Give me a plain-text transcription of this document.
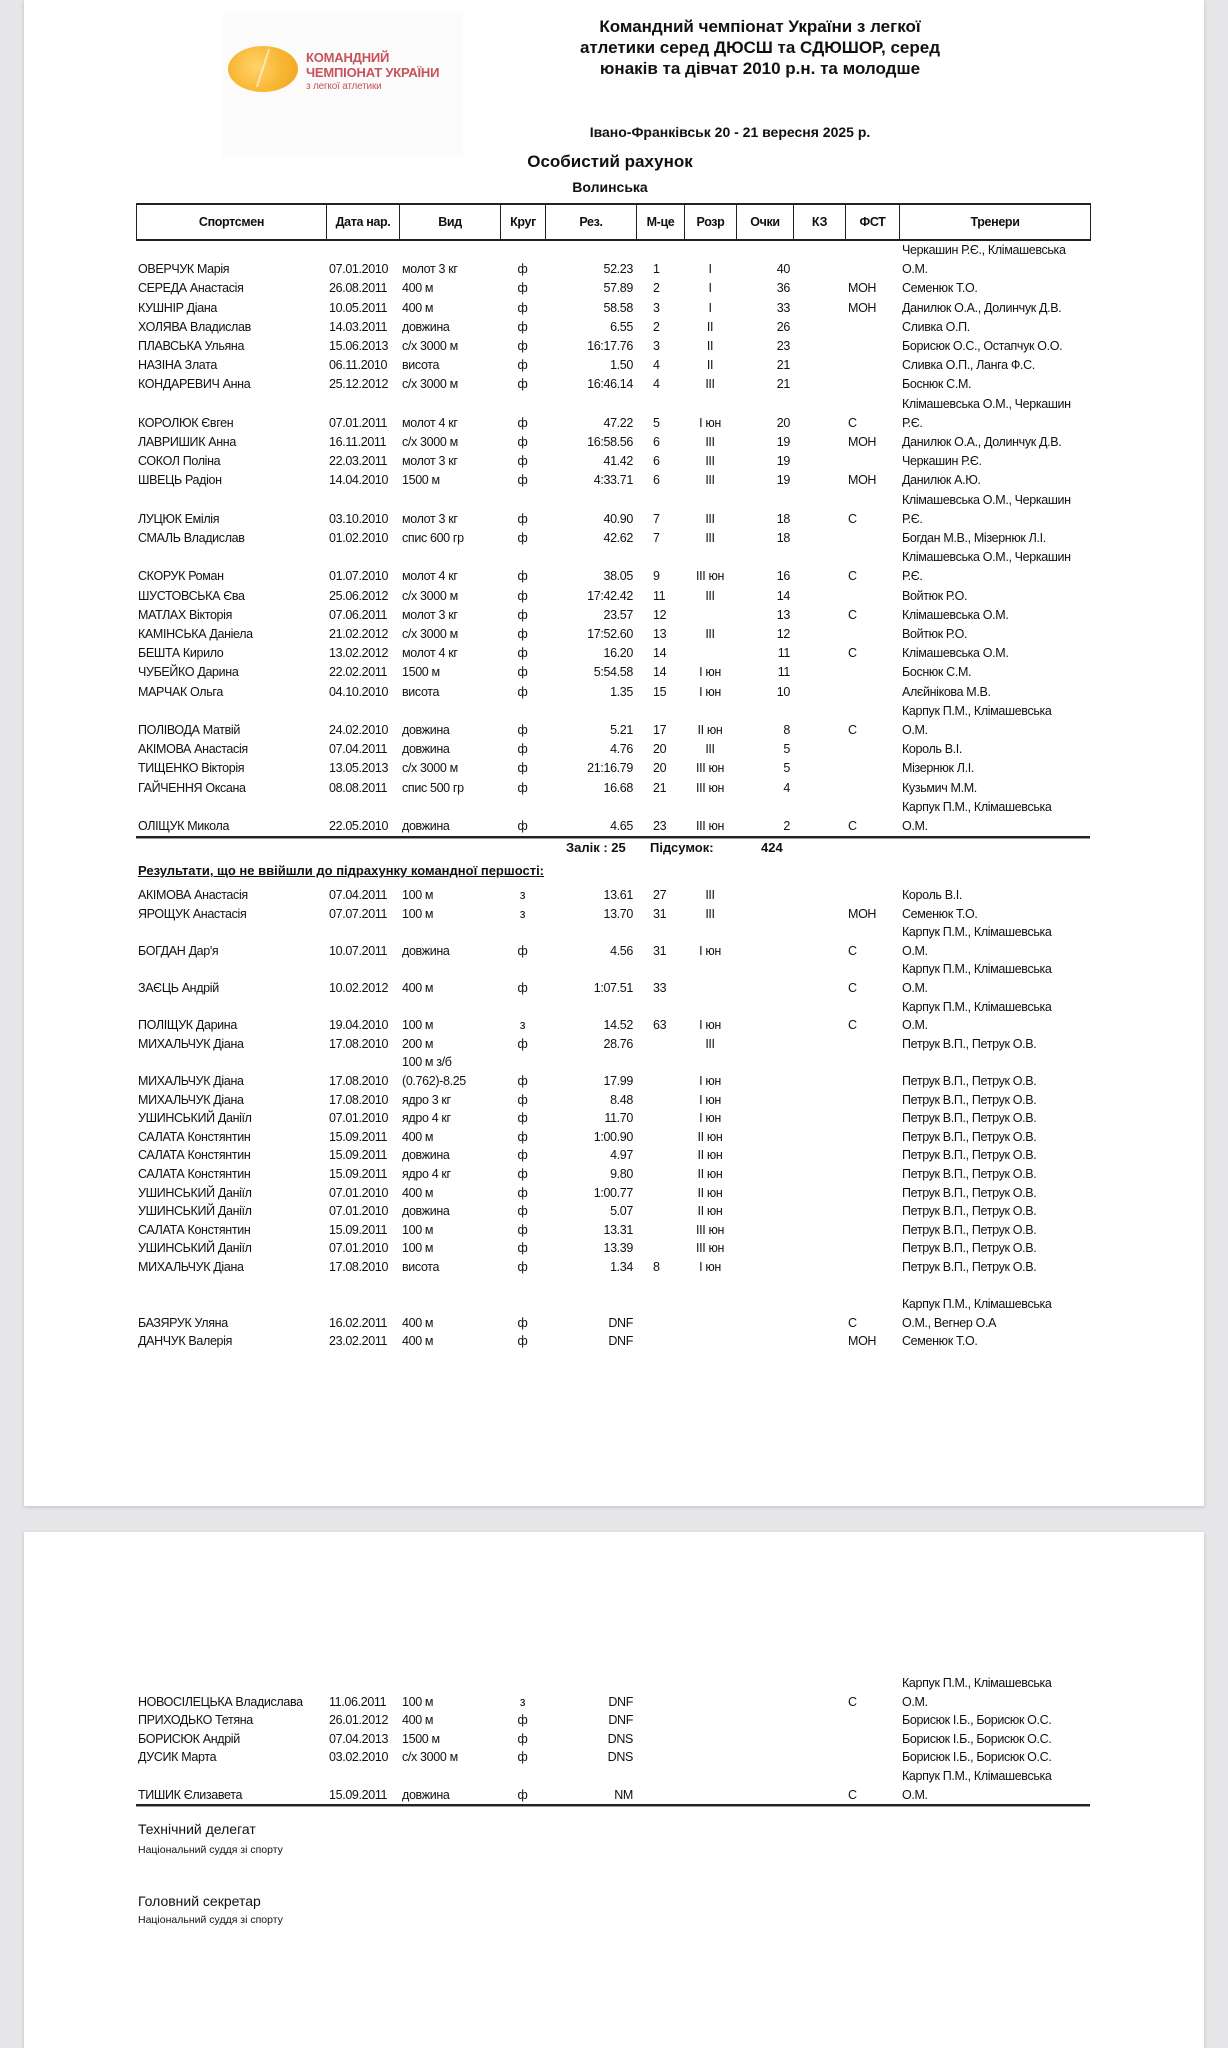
КОМАНДНИЙ
ЧЕМПІОНАТ УКРАЇНИ
з легкої атлетики
Командний чемпіонат України з легкої
атлетики серед ДЮСШ та СДЮШОР, серед
юнаків та дівчат 2010 р.н. та молодше
Івано-Франківськ 20 - 21 вересня 2025 р.
Особистий рахунок
Волинська
Спортсмен	Дата нар.	Вид	Круг	Рез.	М-це	Розр	Очки	КЗ	ФСТ	Тренери
ОВЕРЧУК Марія	07.01.2010	молот 3 кг	ф	52.23	1	I	40			Черкашин Р.Є., Клімашевська
О.М.
СЕРЕДА Анастасія	26.08.2011	400 м	ф	57.89	2	I	36		МОН	Семенюк Т.О.
КУШНІР Діана	10.05.2011	400 м	ф	58.58	3	I	33		МОН	Данилюк О.А., Долинчук Д.В.
ХОЛЯВА Владислав	14.03.2011	довжина	ф	6.55	2	II	26			Сливка О.П.
ПЛАВСЬКА Ульяна	15.06.2013	с/х 3000 м	ф	16:17.76	3	II	23			Борисюк О.С., Остапчук О.О.
НАЗІНА Злата	06.11.2010	висота	ф	1.50	4	II	21			Сливка О.П., Ланга Ф.С.
КОНДАРЕВИЧ Анна	25.12.2012	с/х 3000 м	ф	16:46.14	4	III	21			Боснюк С.М.
КОРОЛЮК Євген	07.01.2011	молот 4 кг	ф	47.22	5	I юн	20		С	Клімашевська О.М., Черкашин
Р.Є.
ЛАВРИШИК Анна	16.11.2011	с/х 3000 м	ф	16:58.56	6	III	19		МОН	Данилюк О.А., Долинчук Д.В.
СОКОЛ Поліна	22.03.2011	молот 3 кг	ф	41.42	6	III	19			Черкашин Р.Є.
ШВЕЦЬ Радіон	14.04.2010	1500 м	ф	4:33.71	6	III	19		МОН	Данилюк А.Ю.
ЛУЦЮК Емілія	03.10.2010	молот 3 кг	ф	40.90	7	III	18		С	Клімашевська О.М., Черкашин
Р.Є.
СМАЛЬ Владислав	01.02.2010	спис 600 гр	ф	42.62	7	III	18			Богдан М.В., Мізернюк Л.І.
СКОРУК Роман	01.07.2010	молот 4 кг	ф	38.05	9	III юн	16		С	Клімашевська О.М., Черкашин
Р.Є.
ШУСТОВСЬКА Єва	25.06.2012	с/х 3000 м	ф	17:42.42	11	III	14			Войтюк Р.О.
МАТЛАХ Вікторія	07.06.2011	молот 3 кг	ф	23.57	12		13		С	Клімашевська О.М.
КАМІНСЬКА Даніела	21.02.2012	с/х 3000 м	ф	17:52.60	13	III	12			Войтюк Р.О.
БЕШТА Кирило	13.02.2012	молот 4 кг	ф	16.20	14		11		С	Клімашевська О.М.
ЧУБЕЙКО Дарина	22.02.2011	1500 м	ф	5:54.58	14	I юн	11			Боснюк С.М.
МАРЧАК Ольга	04.10.2010	висота	ф	1.35	15	I юн	10			Алєйнікова М.В.
ПОЛІВОДА Матвій	24.02.2010	довжина	ф	5.21	17	II юн	8		С	Карпук П.М., Клімашевська
О.М.
АКІМОВА Анастасія	07.04.2011	довжина	ф	4.76	20	III	5			Король В.І.
ТИЩЕНКО Вікторія	13.05.2013	с/х 3000 м	ф	21:16.79	20	III юн	5			Мізернюк Л.І.
ГАЙЧЕННЯ Оксана	08.08.2011	спис 500 гр	ф	16.68	21	III юн	4			Кузьмич М.М.
ОЛІЩУК Микола	22.05.2010	довжина	ф	4.65	23	III юн	2		С	Карпук П.М., Клімашевська
О.М.
Залік : 25 Підсумок:	424
Результати, що не ввійшли до підрахунку командної першості:
АКІМОВА Анастасія	07.04.2011	100 м	з	13.61	27	III				Король В.І.
ЯРОЩУК Анастасія	07.07.2011	100 м	з	13.70	31	III			МОН	Семенюк Т.О.
БОГДАН Дар'я	10.07.2011	довжина	ф	4.56	31	I юн			С	Карпук П.М., Клімашевська
О.М.
ЗАЄЦЬ Андрій	10.02.2012	400 м	ф	1:07.51	33				С	Карпук П.М., Клімашевська
О.М.
ПОЛІЩУК Дарина	19.04.2010	100 м	з	14.52	63	I юн			С	Карпук П.М., Клімашевська
О.М.
МИХАЛЬЧУК Діана	17.08.2010	200 м	ф	28.76		III				Петрук В.П., Петрук О.В.
МИХАЛЬЧУК Діана	17.08.2010	100 м з/б
(0.762)-8.25	ф	17.99		I юн				Петрук В.П., Петрук О.В.
МИХАЛЬЧУК Діана	17.08.2010	ядро 3 кг	ф	8.48		I юн				Петрук В.П., Петрук О.В.
УШИНСЬКИЙ Даніїл	07.01.2010	ядро 4 кг	ф	11.70		I юн				Петрук В.П., Петрук О.В.
САЛАТА Констянтин	15.09.2011	400 м	ф	1:00.90		II юн				Петрук В.П., Петрук О.В.
САЛАТА Констянтин	15.09.2011	довжина	ф	4.97		II юн				Петрук В.П., Петрук О.В.
САЛАТА Констянтин	15.09.2011	ядро 4 кг	ф	9.80		II юн				Петрук В.П., Петрук О.В.
УШИНСЬКИЙ Даніїл	07.01.2010	400 м	ф	1:00.77		II юн				Петрук В.П., Петрук О.В.
УШИНСЬКИЙ Даніїл	07.01.2010	довжина	ф	5.07		II юн				Петрук В.П., Петрук О.В.
САЛАТА Констянтин	15.09.2011	100 м	ф	13.31		III юн				Петрук В.П., Петрук О.В.
УШИНСЬКИЙ Даніїл	07.01.2010	100 м	ф	13.39		III юн				Петрук В.П., Петрук О.В.
МИХАЛЬЧУК Діана	17.08.2010	висота	ф	1.34	8	I юн				Петрук В.П., Петрук О.В.

БАЗЯРУК Уляна	16.02.2011	400 м	ф	DNF					С	Карпук П.М., Клімашевська
О.М., Вегнер О.А
ДАНЧУК Валерія	23.02.2011	400 м	ф	DNF					МОН	Семенюк Т.О.
НОВОСІЛЕЦЬКА Владислава	11.06.2011	100 м	з	DNF					С	Карпук П.М., Клімашевська
О.М.
ПРИХОДЬКО Тетяна	26.01.2012	400 м	ф	DNF						Борисюк І.Б., Борисюк О.С.
БОРИСЮК Андрій	07.04.2013	1500 м	ф	DNS						Борисюк І.Б., Борисюк О.С.
ДУСИК Марта	03.02.2010	с/х 3000 м	ф	DNS						Борисюк І.Б., Борисюк О.С.
ТИШИК Єлизавета	15.09.2011	довжина	ф	NM					С	Карпук П.М., Клімашевська
О.М.
Технічний делегат
Національний суддя зі спорту
Головний секретар
Національний суддя зі спорту
